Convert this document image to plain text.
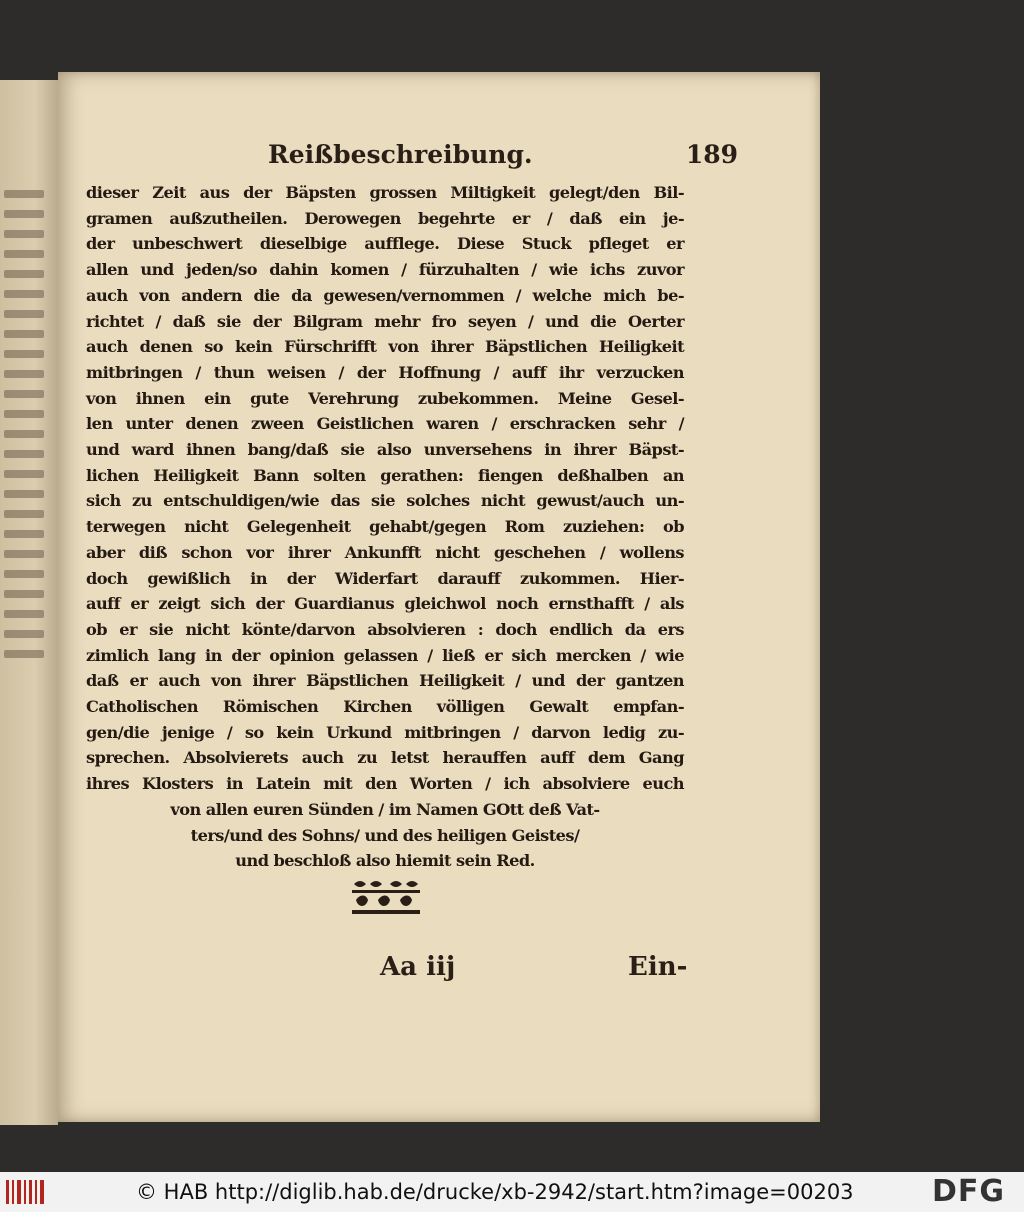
Reißbeschreibung.	189
dieser Zeit aus der Bäpsten grossen Miltigkeit gelegt/den Bil-
gramen außzutheilen. Derowegen begehrte er / daß ein je-
der unbeschwert dieselbige aufflege. Diese Stuck pfleget er
allen und jeden/so dahin komen / fürzuhalten / wie ichs zuvor
auch von andern die da gewesen/vernommen / welche mich be-
richtet / daß sie der Bilgram mehr fro seyen / und die Oerter
auch denen so kein Fürschrifft von ihrer Bäpstlichen Heiligkeit
mitbringen / thun weisen / der Hoffnung / auff ihr verzucken
von ihnen ein gute Verehrung zubekommen. Meine Gesel-
len unter denen zween Geistlichen waren / erschracken sehr /
und ward ihnen bang/daß sie also unversehens in ihrer Bäpst-
lichen Heiligkeit Bann solten gerathen: fiengen deßhalben an
sich zu entschuldigen/wie das sie solches nicht gewust/auch un-
terwegen nicht Gelegenheit gehabt/gegen Rom zuziehen: ob
aber diß schon vor ihrer Ankunfft nicht geschehen / wollens
doch gewißlich in der Widerfart darauff zukommen. Hier-
auff er zeigt sich der Guardianus gleichwol noch ernsthafft / als
ob er sie nicht könte/darvon absolvieren : doch endlich da ers
zimlich lang in der opinion gelassen / ließ er sich mercken / wie
daß er auch von ihrer Bäpstlichen Heiligkeit / und der gantzen
Catholischen Römischen Kirchen völligen Gewalt empfan-
gen/die jenige / so kein Urkund mitbringen / darvon ledig zu-
sprechen. Absolvierets auch zu letst herauffen auff dem Gang
ihres Klosters in Latein mit den Worten / ich absolviere euch
von allen euren Sünden / im Namen GOtt deß Vat-
ters/und des Sohns/ und des heiligen Geistes/
und beschloß also hiemit sein Red.
Aa iij	Ein-
© HAB http://diglib.hab.de/drucke/xb-2942/start.htm?image=00203	DFG
